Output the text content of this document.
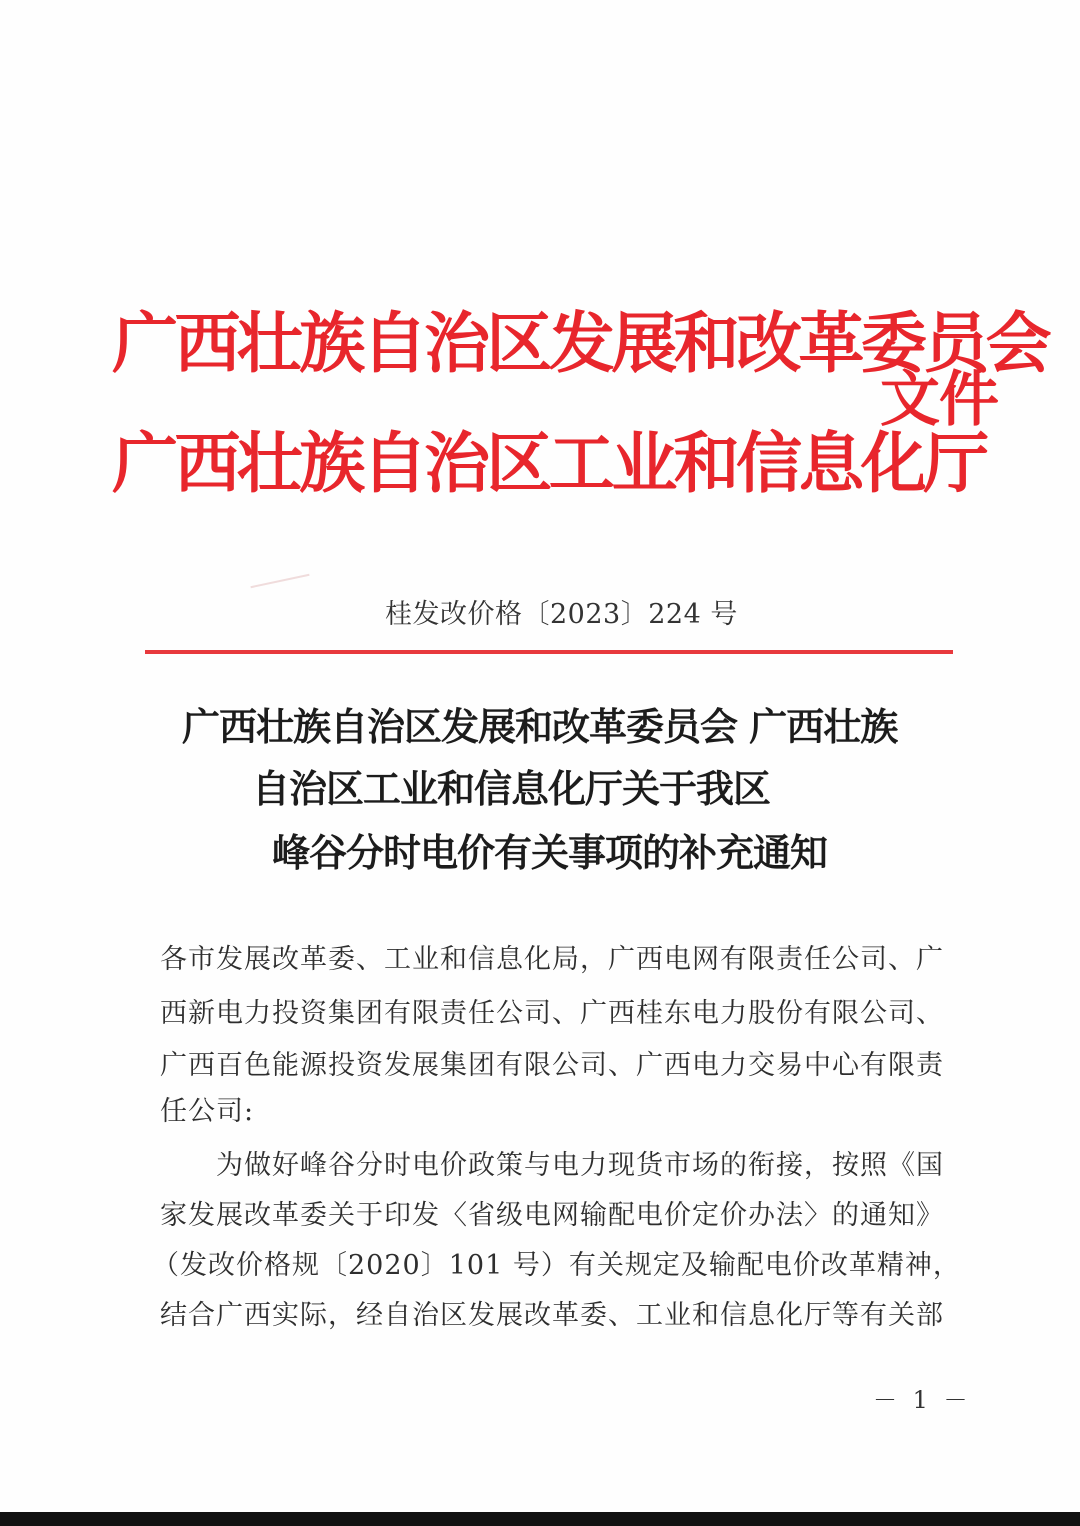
广西壮族自治区发展和改革委员会
广西壮族自治区工业和信息化厅
文件
桂发改价格〔2023〕224 号
广西壮族自治区发展和改革委员会 广西壮族
自治区工业和信息化厅关于我区
峰谷分时电价有关事项的补充通知
各市发展改革委、工业和信息化局，广西电网有限责任公司、广
西新电力投资集团有限责任公司、广西桂东电力股份有限公司、
广西百色能源投资发展集团有限公司、广西电力交易中心有限责
任公司:
为做好峰谷分时电价政策与电力现货市场的衔接，按照《国
家发展改革委关于印发〈省级电网输配电价定价办法〉的通知》
（发改价格规〔2020〕101 号）有关规定及输配电价改革精神，
结合广西实际，经自治区发展改革委、工业和信息化厅等有关部
－ 1 －
